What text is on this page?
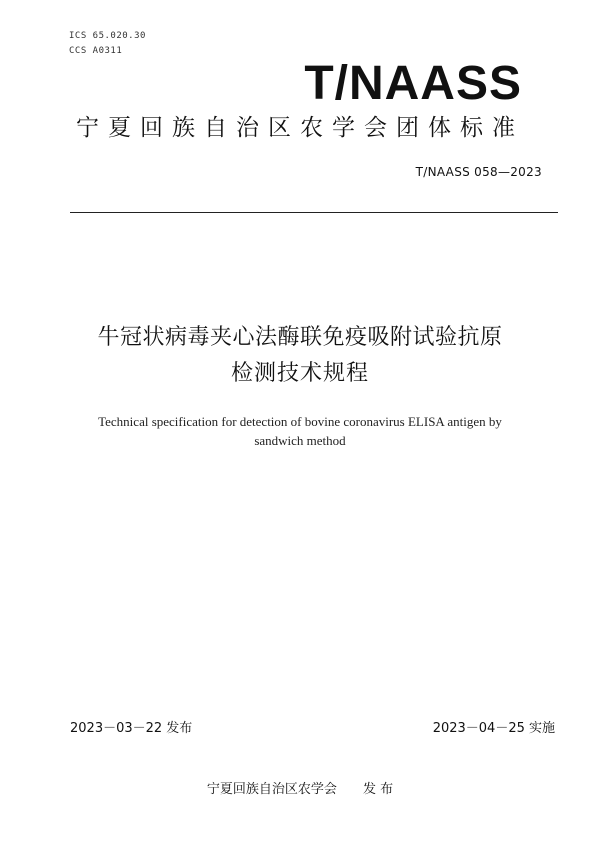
ICS 65.020.30
CCS A0311
T/NAASS
宁夏回族自治区农学会团体标准
T/NAASS 058—2023
牛冠状病毒夹心法酶联免疫吸附试验抗原
检测技术规程
Technical specification for detection of bovine coronavirus ELISA antigen by
sandwich method
2023－03－22 发布	2023－04－25 实施
宁夏回族自治区农学会 发 布
